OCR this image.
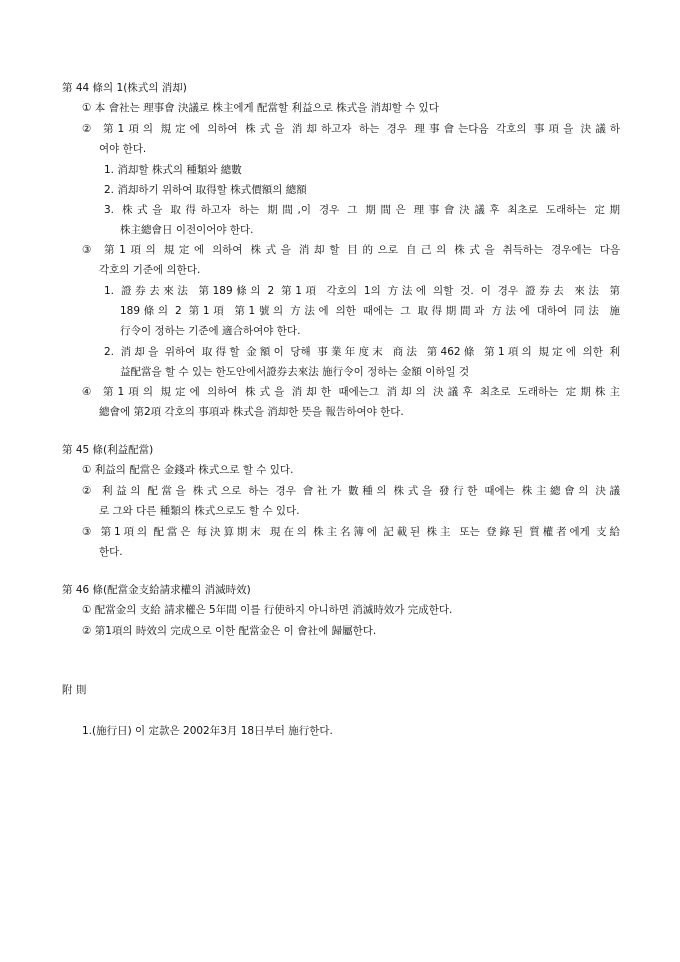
第 44 條의 1(株式의 消却)
① 本 會社는 理事會 決議로 株主에게 配當할 利益으로 株式을 消却할 수 있다
② 第1項의 規定에 의하여 株式을 消却하고자 하는 경우 理事會는다음 각호의 事項을 決議하
여야 한다.
1. 消却할 株式의 種類와 總數
2. 消却하기 위하여 取得할 株式價額의 總額
3. 株式을 取得하고자 하는 期間,이 경우 그 期間은 理事會決議후 최초로 도래하는 定期
株主總會日 이전이어야 한다.
③ 第1項의 規定에 의하여 株式을 消却할 目的으로 自己의 株式을 취득하는 경우에는 다음
각호의 기준에 의한다.
1. 證券去來法 第189條의 2 第1項 각호의 1의 方法에 의할 것. 이 경우 證券去 來法 第
189條의 2 第1項 第1號의 方法에 의한 때에는 그 取得期間과 方法에 대하여 同法 施
行令이 정하는 기준에 適合하여야 한다.
2. 消却을 위하여 取得할 金額이 당해 事業年度末 商法 第462條 第1項의 規定에 의한 利
益配當을 할 수 있는 한도안에서證券去來法 施行令이 정하는 金額 이하일 것
④ 第1項의 規定에 의하여 株式을 消却한 때에는그 消却의 決議후 최초로 도래하는 定期株主
總會에 第2項 각호의 事項과 株式을 消却한 뜻을 報告하여야 한다.
第 45 條(利益配當)
① 利益의 配當은 金錢과 株式으로 할 수 있다.
② 利益의 配當을 株式으로 하는 경우 會社가 數種의 株式을 發行한 때에는 株主總會의 決議
로 그와 다른 種類의 株式으로도 할 수 있다.
③ 第1項의 配當은 每決算期末 現在의 株主名簿에 記載된 株主 또는 登錄된 質權者에게 支給
한다.
第 46 條(配當金支給請求權의 消滅時效)
① 配當金의 支給 請求權은 5年間 이를 行使하지 아니하면 消滅時效가 完成한다.
② 第1項의 時效의 完成으로 이한 配當金은 이 會社에 歸屬한다.
附 則
1.(施行日) 이 定款은 2002年3月 18日부터 施行한다.
